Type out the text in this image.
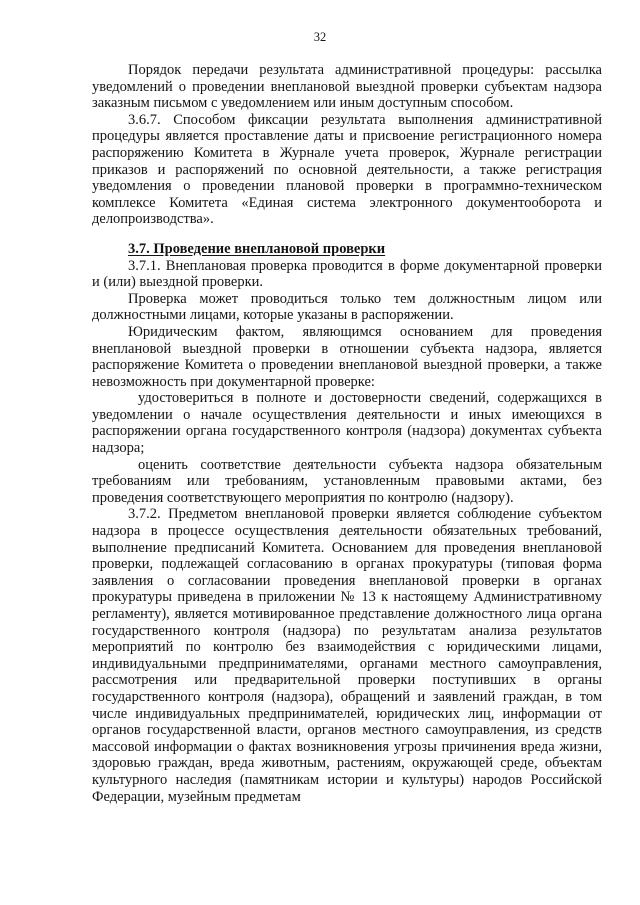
32

Порядок передачи результата административной процедуры: рассылка уведомлений о проведении внеплановой выездной проверки субъектам надзора заказным письмом с уведомлением или иным доступным способом.

3.6.7. Способом фиксации результата выполнения административной процедуры является проставление даты и присвоение регистрационного номера распоряжению Комитета в Журнале учета проверок, Журнале регистрации приказов и распоряжений по основной деятельности, а также регистрация уведомления о проведении плановой проверки в программно-техническом комплексе Комитета «Единая система электронного документооборота и делопроизводства».

3.7. Проведение внеплановой проверки

3.7.1. Внеплановая проверка проводится в форме документарной проверки и (или) выездной проверки.

Проверка может проводиться только тем должностным лицом или должностными лицами, которые указаны в распоряжении.

Юридическим фактом, являющимся основанием для проведения внеплановой выездной проверки в отношении субъекта надзора, является распоряжение Комитета о проведении внеплановой выездной проверки, а также невозможность при документарной проверке:

удостовериться в полноте и достоверности сведений, содержащихся в уведомлении о начале осуществления деятельности и иных имеющихся в распоряжении органа государственного контроля (надзора) документах субъекта надзора;

оценить соответствие деятельности субъекта надзора обязательным требованиям или требованиям, установленным правовыми актами, без проведения соответствующего мероприятия по контролю (надзору).

3.7.2. Предметом внеплановой проверки является соблюдение субъектом надзора в процессе осуществления деятельности обязательных требований, выполнение предписаний Комитета. Основанием для проведения внеплановой проверки, подлежащей согласованию в органах прокуратуры (типовая форма заявления о согласовании проведения внеплановой проверки в органах прокуратуры приведена в приложении № 13 к настоящему Административному регламенту), является мотивированное представление должностного лица органа государственного контроля (надзора) по результатам анализа результатов мероприятий по контролю без взаимодействия с юридическими лицами, индивидуальными предпринимателями, органами местного самоуправления, рассмотрения или предварительной проверки поступивших в органы государственного контроля (надзора), обращений и заявлений граждан, в том числе индивидуальных предпринимателей, юридических лиц, информации от органов государственной власти, органов местного самоуправления, из средств массовой информации о фактах возникновения угрозы причинения вреда жизни, здоровью граждан, вреда животным, растениям, окружающей среде, объектам культурного наследия (памятникам истории и культуры) народов Российской Федерации, музейным предметам
